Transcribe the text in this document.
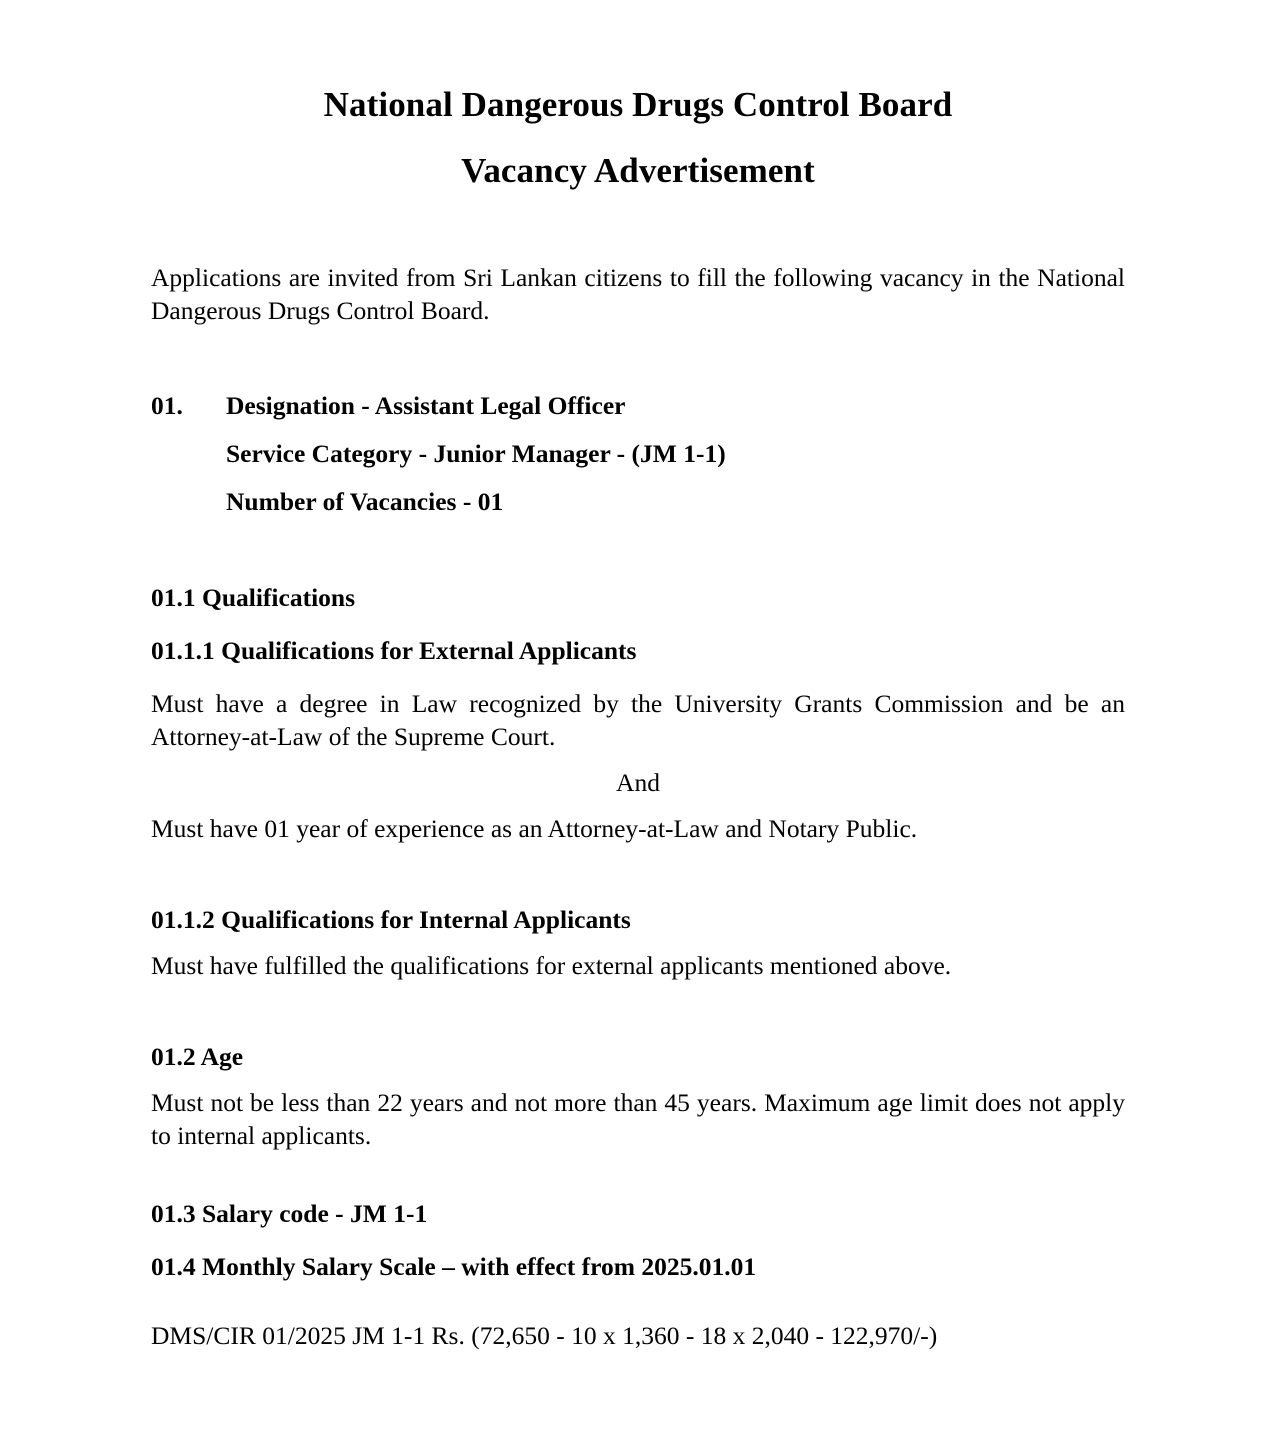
National Dangerous Drugs Control Board
Vacancy Advertisement

Applications are invited from Sri Lankan citizens to fill the following vacancy in the National Dangerous Drugs Control Board.

01.	Designation - Assistant Legal Officer
Service Category - Junior Manager - (JM 1-1)
Number of Vacancies - 01
01.1 Qualifications
01.1.1 Qualifications for External Applicants

Must have a degree in Law recognized by the University Grants Commission and be an Attorney-at-Law of the Supreme Court.

And

Must have 01 year of experience as an Attorney-at-Law and Notary Public.

01.1.2 Qualifications for Internal Applicants

Must have fulfilled the qualifications for external applicants mentioned above.

01.2 Age

Must not be less than 22 years and not more than 45 years. Maximum age limit does not apply to internal applicants.

01.3 Salary code - JM 1-1
01.4 Monthly Salary Scale – with effect from 2025.01.01

DMS/CIR 01/2025 JM 1-1 Rs. (72,650 - 10 x 1,360 - 18 x 2,040 - 122,970/-)
